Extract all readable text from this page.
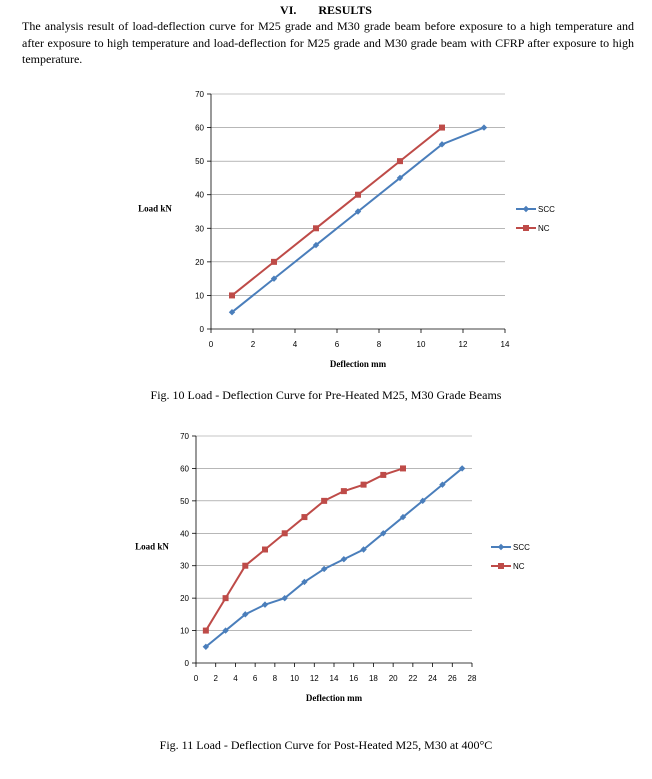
VI. RESULTS

The analysis result of load-deflection curve for M25 grade and M30 grade beam before exposure to a high temperature and after exposure to high temperature and load-deflection for M25 grade and M30 grade beam with CFRP after exposure to high temperature.

0
10
20
30
40
50
60
70
0	2	4	6	8	10	12	14
Deflection mm
Load kN	SCC
NC
Fig. 10 Load - Deflection Curve for Pre-Heated M25, M30 Grade Beams
0
10
20
30
40
50
60
70
0 2 4 6 8 10 12 14 16 18 20 22 24 26 28
Deflection mm
Load kN	SCC
NC
Fig. 11 Load - Deflection Curve for Post-Heated M25, M30 at 400°C
